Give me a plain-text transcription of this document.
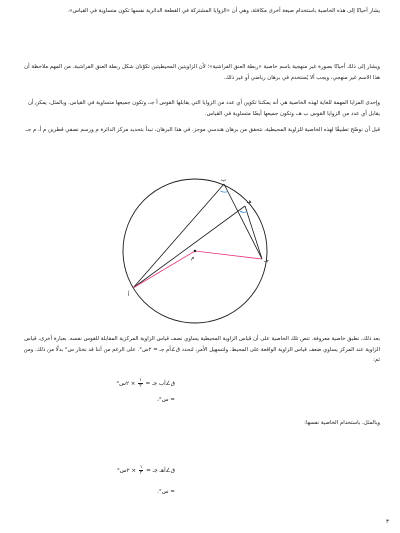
يشار أحيانًا إلى هذه الخاصية باستخدام صيغة أخرى مكافئة، وهي أن «الزوايا المشتركة في القطعة الدائرية نفسها تكون متساوية في القياس».

ويشار إلى ذلك أحيانًا بصورة غير منهجية باسم خاصية «ربطة العنق الفراشية»؛ لأن الزاويتين المحيطيتين تكوّنان شكل ربطة العنق الفراشية. من المهم ملاحظة أن هذا الاسم غير منهجي، ويجب ألا يُستخدم في برهان رياضي أو غير ذلك.

وإحدى المزايا المهمة للغاية لهذه الخاصية هي أنه يمكننا تكوين أي عدد من الزوايا التي يقابلها القوس أ جـ، وتكون جميعها متساوية في القياس. وبالمثل، يمكن أن يقابل أي عدد من الزوايا القوس ب هـ، وتكون جميعها أيضًا متساوية في القياس.

قبل أن نوضّح تطبيقًا لهذه الخاصية للزاوية المحيطية، نتحقق من برهان هندسي موجز. في هذا البرهان، نبدأ بتحديد مركز الدائرة م ورسم نصفي قطرين م أ، م جـ.

ب
هـ
م	جـ
أ

بعد ذلك، نطبق خاصية معروفة. تنص تلك الخاصية على أن قياس الزاوية المحيطية يساوي نصف قياس الزاوية المركزية المقابلة للقوس نفسه. بعبارة أخرى، قياس الزاوية عند المركز يساوي ضعف قياس الزاوية الواقعة على المحيط. ولتسهيل الأمر، لنحدد ق∠أم جـ = ٢س°. على الرغم من أننا قد نختار س° بدلًا من ذلك. ومن ثم:

ق∠أب جـ =
$\frac{١}{٢}$
× ٢س°
= س°،

وبالمثل، باستخدام الخاصية نفسها:

ق∠أهـ جـ =
$\frac{١}{٢}$
× ٢س°
= س°.
٣
